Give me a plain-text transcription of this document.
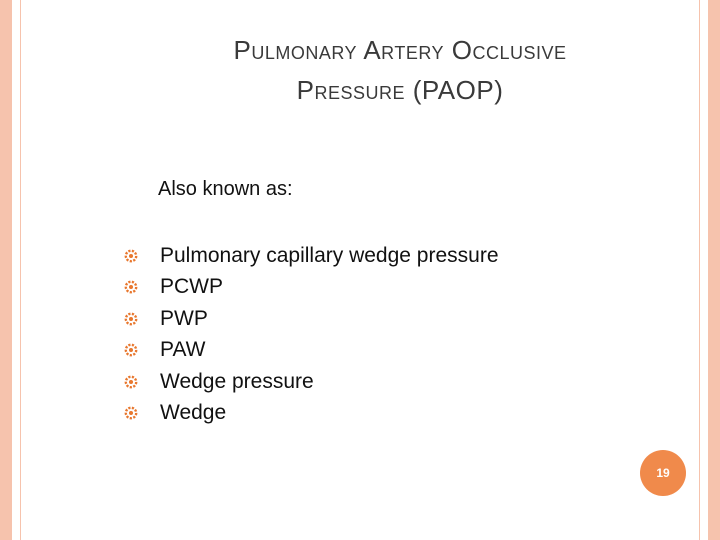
Pulmonary Artery Occlusive
Pressure (PAOP)
Also known as:
Pulmonary capillary wedge pressure
PCWP
PWP
PAW
Wedge pressure
Wedge
19
